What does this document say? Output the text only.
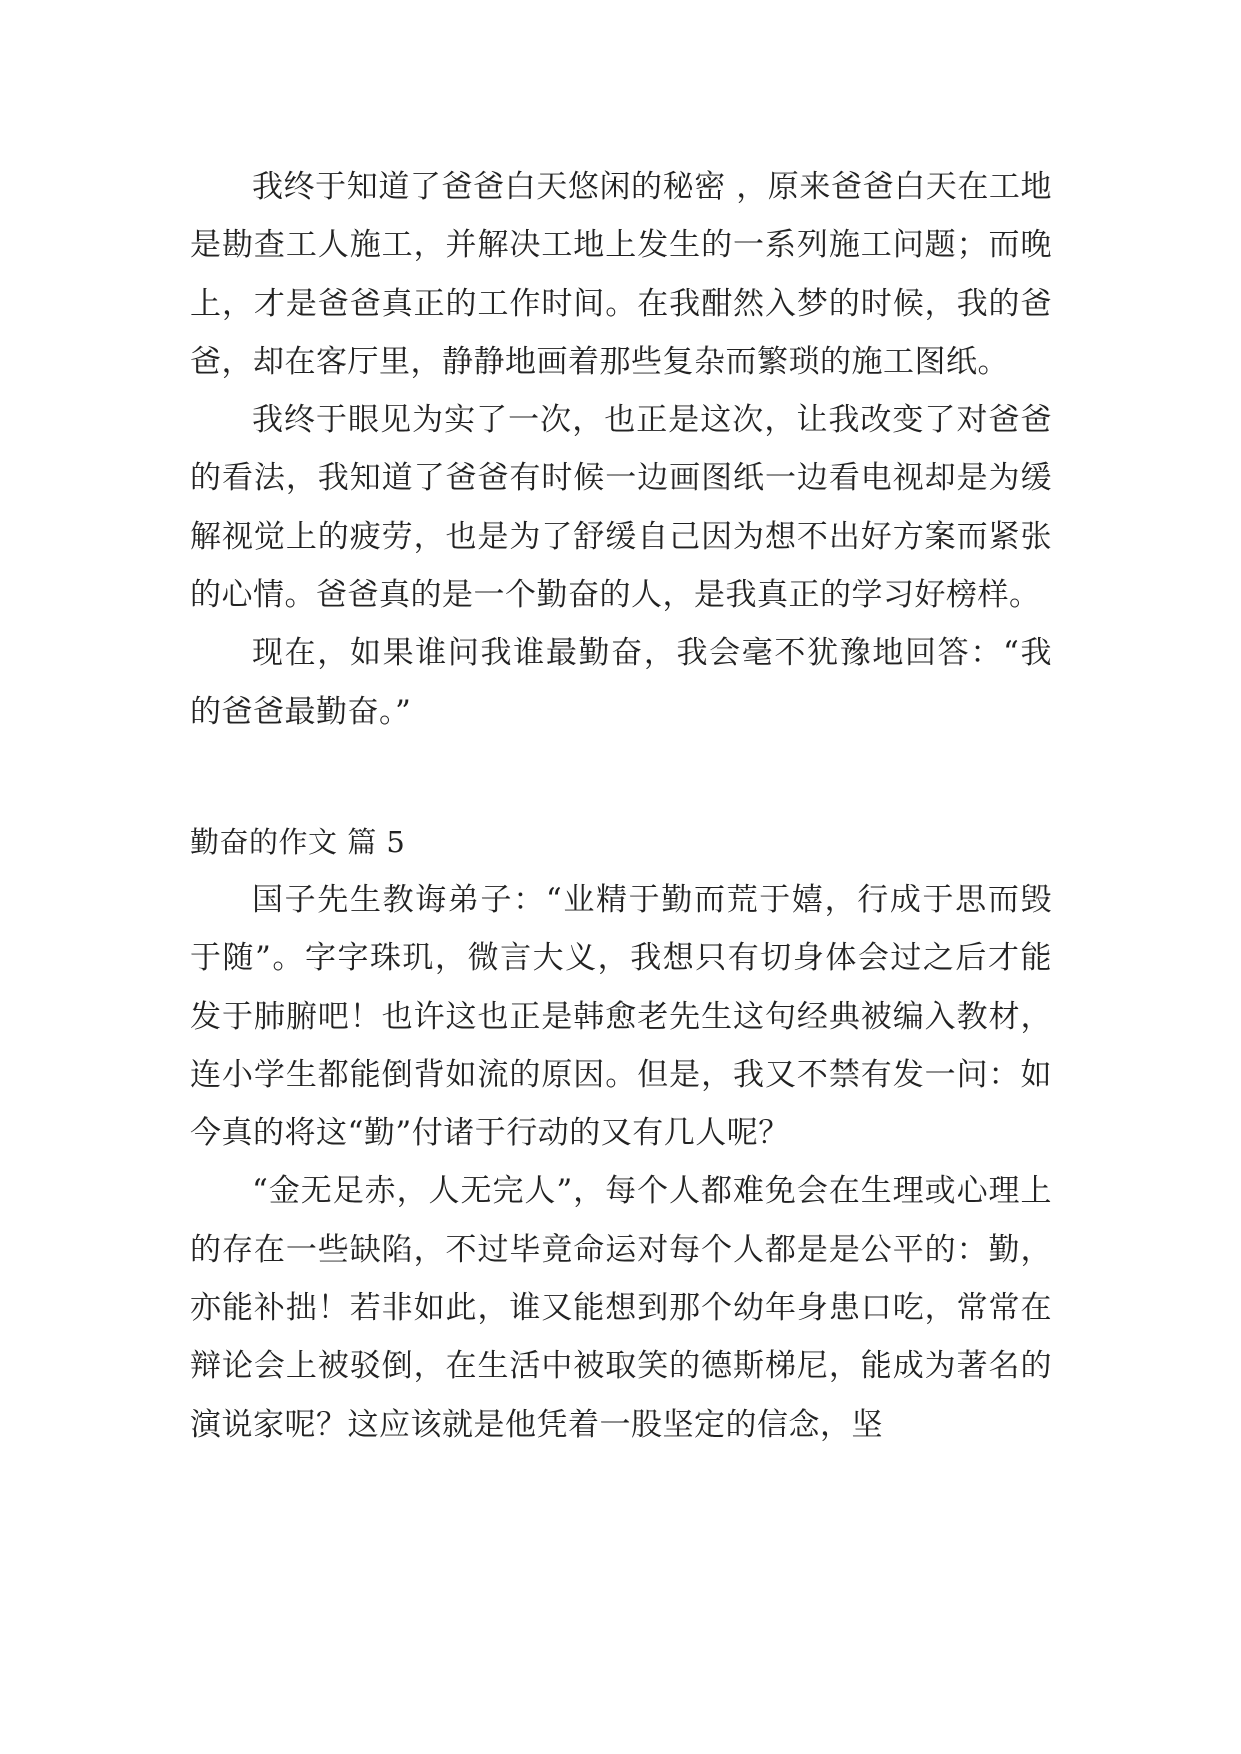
我终于知道了爸爸白天悠闲的秘密 ，原来爸爸白天在工地是勘查工人施工，并解决工地上发生的一系列施工问题；而晚上，才是爸爸真正的工作时间。在我酣然入梦的时候，我的爸爸，却在客厅里，静静地画着那些复杂而繁琐的施工图纸。

我终于眼见为实了一次，也正是这次，让我改变了对爸爸的看法，我知道了爸爸有时候一边画图纸一边看电视却是为缓解视觉上的疲劳，也是为了舒缓自己因为想不出好方案而紧张的心情。爸爸真的是一个勤奋的人，是我真正的学习好榜样。

现在，如果谁问我谁最勤奋，我会毫不犹豫地回答：“我的爸爸最勤奋。”

勤奋的作文 篇 5

国子先生教诲弟子：“业精于勤而荒于嬉，行成于思而毁于随”。字字珠玑，微言大义，我想只有切身体会过之后才能发于肺腑吧！也许这也正是韩愈老先生这句经典被编入教材，连小学生都能倒背如流的原因。但是，我又不禁有发一问：如今真的将这“勤”付诸于行动的又有几人呢？

“金无足赤，人无完人”，每个人都难免会在生理或心理上的存在一些缺陷，不过毕竟命运对每个人都是是公平的：勤，亦能补拙！若非如此，谁又能想到那个幼年身患口吃，常常在辩论会上被驳倒，在生活中被取笑的德斯梯尼，能成为著名的演说家呢？这应该就是他凭着一股坚定的信念，坚
